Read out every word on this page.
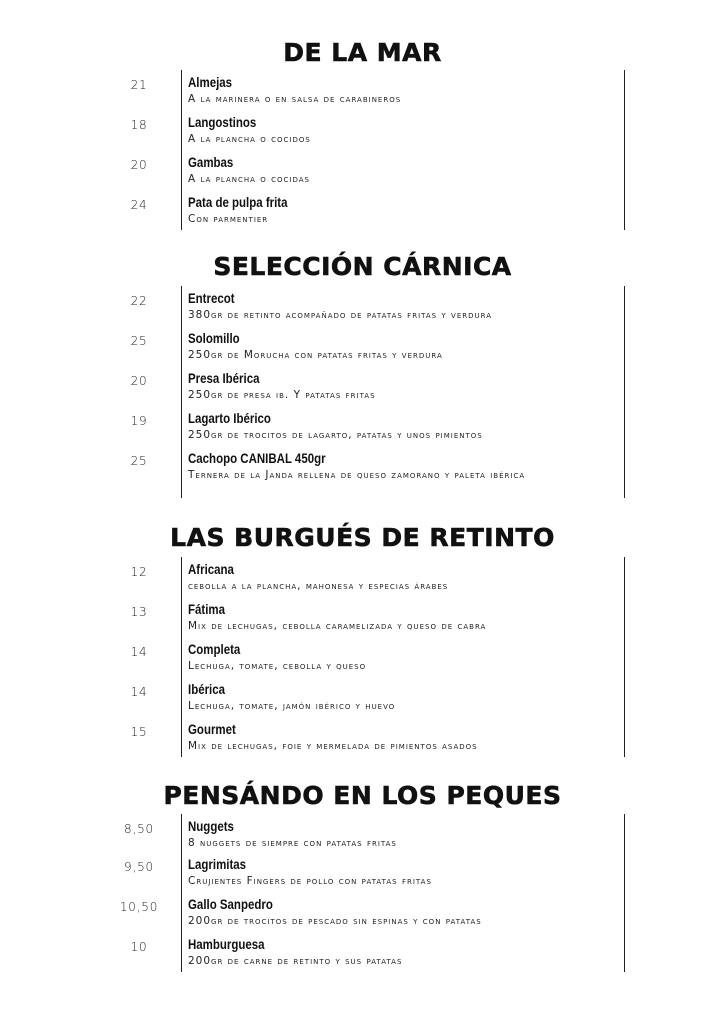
DE LA MAR
21	Almejas
A la marinera o en salsa de carabineros
18	Langostinos
A la plancha o cocidos
20	Gambas
A la plancha o cocidas
24	Pata de pulpa frita
Con parmentier
SELECCIÓN CÁRNICA
22	Entrecot
380gr de retinto acompañado de patatas fritas y verdura
25	Solomillo
250gr de Morucha con patatas fritas y verdura
20	Presa Ibérica
250gr de presa ib. Y patatas fritas
19	Lagarto Ibérico
250gr de trocitos de lagarto, patatas y unos pimientos
25	Cachopo CANIBAL 450gr
Ternera de la Janda rellena de queso zamorano y paleta ibérica
LAS BURGUÉS DE RETINTO
12	Africana
cebolla a la plancha, mahonesa y especias árabes
13	Fátima
Mix de lechugas, cebolla caramelizada y queso de cabra
14	Completa
Lechuga, tomate, cebolla y queso
14	Ibérica
Lechuga, tomate, jamón ibérico y huevo
15	Gourmet
Mix de lechugas, foie y mermelada de pimientos asados
PENSÁNDO EN LOS PEQUES
8,50	Nuggets
8 nuggets de siempre con patatas fritas
9,50	Lagrimitas
Crujientes Fingers de pollo con patatas fritas
10,50	Gallo Sanpedro
200gr de trocitos de pescado sin espinas y con patatas
10	Hamburguesa
200gr de carne de retinto y sus patatas
